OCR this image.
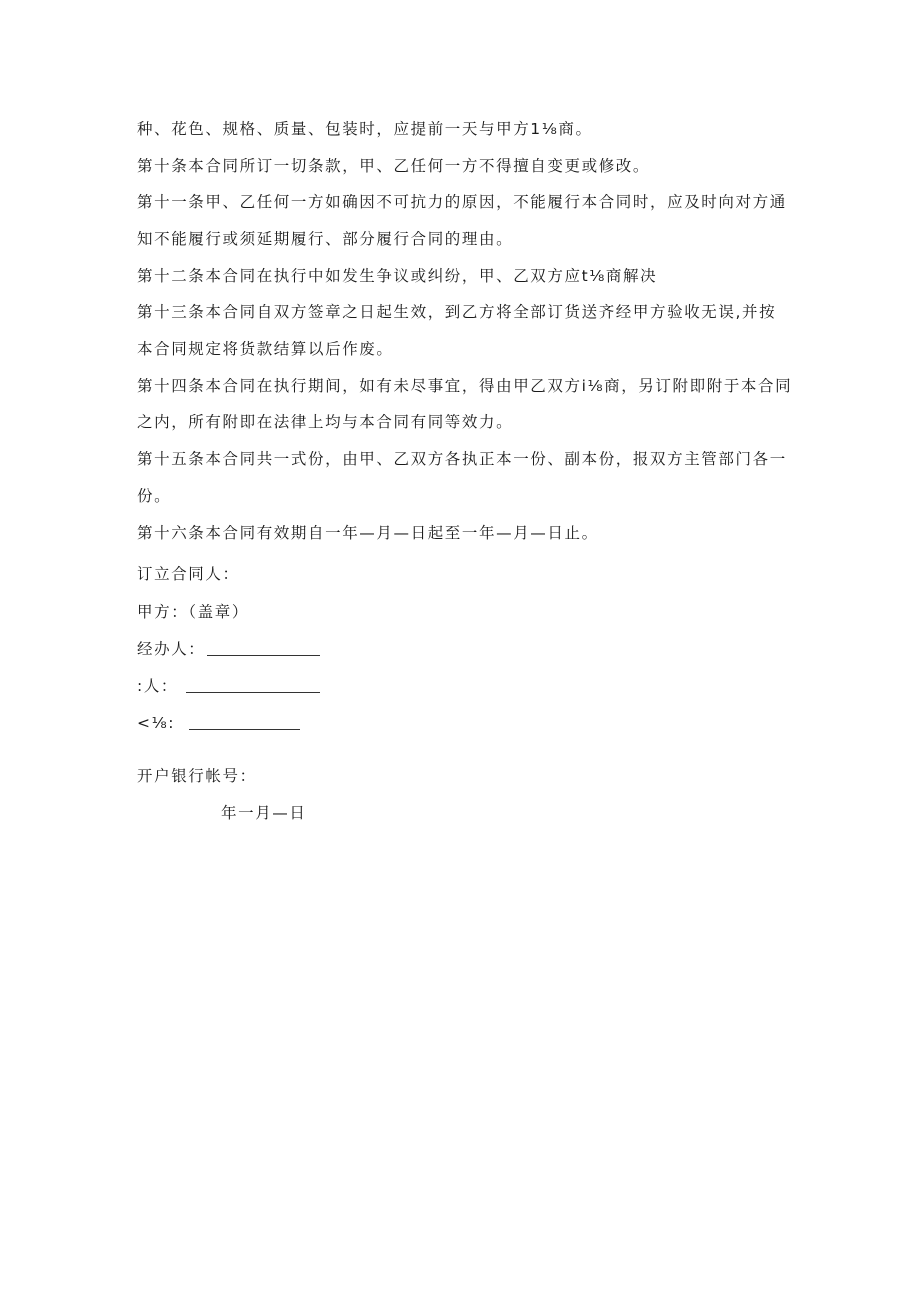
种、花色、规格、质量、包装时，应提前一天与甲方1⅛商。
第十条本合同所订一切条款，甲、乙任何一方不得擅自变更或修改。
第十一条甲、乙任何一方如确因不可抗力的原因，不能履行本合同时，应及时向对方通
知不能履行或须延期履行、部分履行合同的理由。
第十二条本合同在执行中如发生争议或纠纷，甲、乙双方应t⅛商解决
第十三条本合同自双方签章之日起生效，到乙方将全部订货送齐经甲方验收无误,并按
本合同规定将货款结算以后作废。
第十四条本合同在执行期间，如有未尽事宜，得由甲乙双方i⅛商，另订附即附于本合同
之内，所有附即在法律上均与本合同有同等效力。
第十五条本合同共一式份，由甲、乙双方各执正本一份、副本份，报双方主管部门各一
份。
第十六条本合同有效期自一年—月—日起至一年—月—日止。
订立合同人：
甲方：（盖章）
经办人：
:人：
<⅛:
开户银行帐号：
年一月—日
